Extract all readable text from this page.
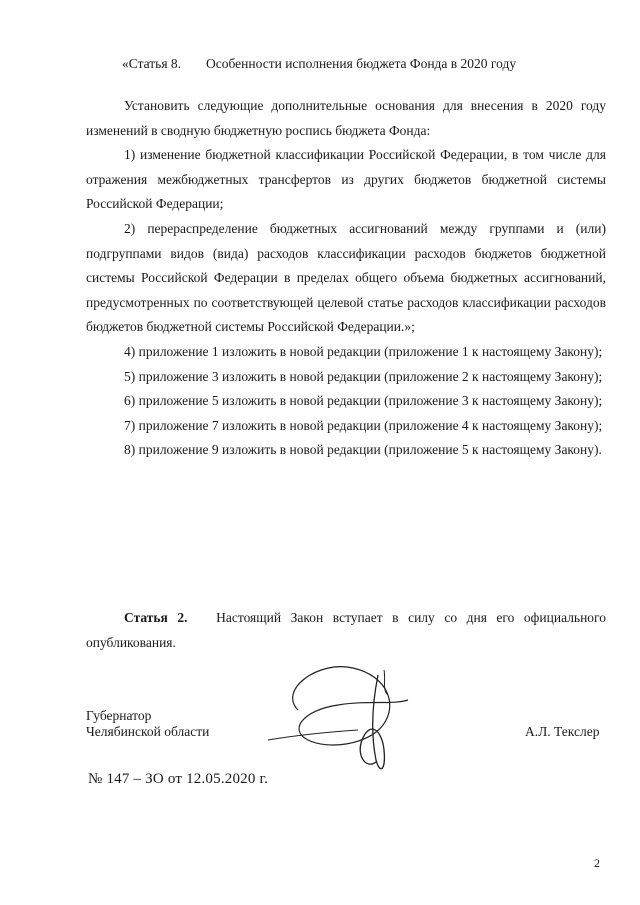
«Статья 8. Особенности исполнения бюджета Фонда в 2020 году

Установить следующие дополнительные основания для внесения в 2020 году изменений в сводную бюджетную роспись бюджета Фонда:

1) изменение бюджетной классификации Российской Федерации, в том числе для отражения межбюджетных трансфертов из других бюджетов бюджетной системы Российской Федерации;

2) перераспределение бюджетных ассигнований между группами и (или) подгруппами видов (вида) расходов классификации расходов бюджетов бюджетной системы Российской Федерации в пределах общего объема бюджетных ассигнований, предусмотренных по соответствующей целевой статье расходов классификации расходов бюджетов бюджетной системы Российской Федерации.»;

4) приложение 1 изложить в новой редакции (приложение 1 к настоящему Закону);

5) приложение 3 изложить в новой редакции (приложение 2 к настоящему Закону);

6) приложение 5 изложить в новой редакции (приложение 3 к настоящему Закону);

7) приложение 7 изложить в новой редакции (приложение 4 к настоящему Закону);

8) приложение 9 изложить в новой редакции (приложение 5 к настоящему Закону).

Статья 2. Настоящий Закон вступает в силу со дня его официального опубликования.

Губернатор
Челябинской области	А.Л. Текслер
№ 147 – ЗО от 12.05.2020 г.
2
